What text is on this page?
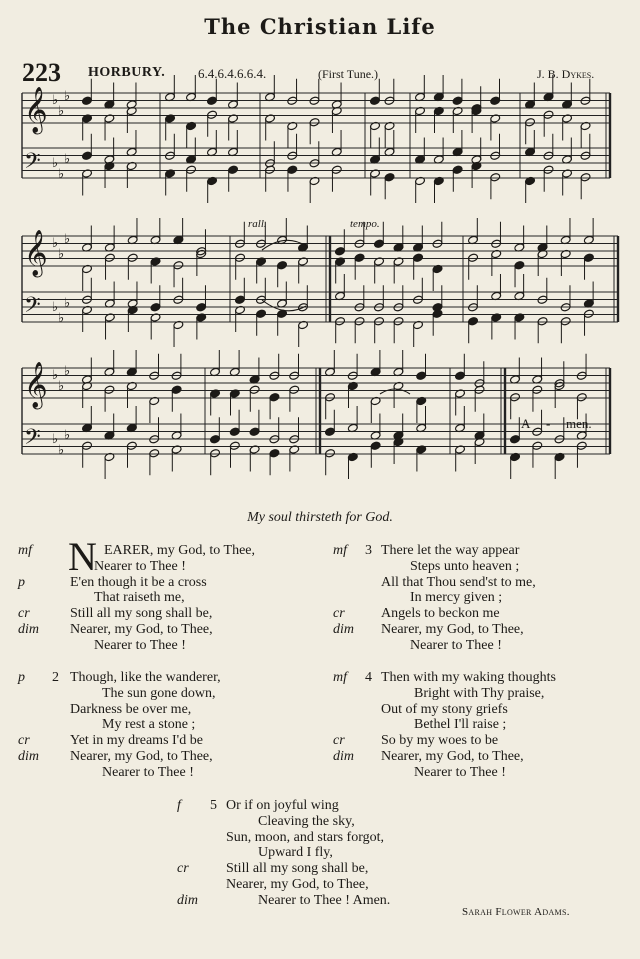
The Christian Life
223 HORBURY.	6.4.6.4.6.6.4.	(First Tune.)	J. B. Dykes.
rall.	tempo.
𝄞 ♭
♭
♭
𝄢 ♭
♭
♭
𝄞 ♭
♭
♭
𝄢 ♭
♭
♭
𝄞 ♭
♭
♭
𝄢 ♭
♭
♭
A - men.
My soul thirsteth for God.
N
mf	EARER, my God, to Thee,
Nearer to Thee !
p	E'en though it be a cross
That raiseth me,
cr	Still all my song shall be,
dim Nearer, my God, to Thee,
Nearer to Thee !
2
p	Though, like the wanderer,
The sun gone down,
Darkness be over me,
My rest a stone ;
cr	Yet in my dreams I'd be
dim Nearer, my God, to Thee,
Nearer to Thee !
3
mf There let the way appear
Steps unto heaven ;
All that Thou send'st to me,
In mercy given ;
cr	Angels to beckon me
dim Nearer, my God, to Thee,
Nearer to Thee !
4
mf Then with my waking thoughts
Bright with Thy praise,
Out of my stony griefs
Bethel I'll raise ;
cr	So by my woes to be
dim Nearer, my God, to Thee,
Nearer to Thee !
5
f	Or if on joyful wing
Cleaving the sky,
Sun, moon, and stars forgot,
Upward I fly,
cr	Still all my song shall be,
Nearer, my God, to Thee,
dim	Nearer to Thee ! Amen.
Sarah Flower Adams.
